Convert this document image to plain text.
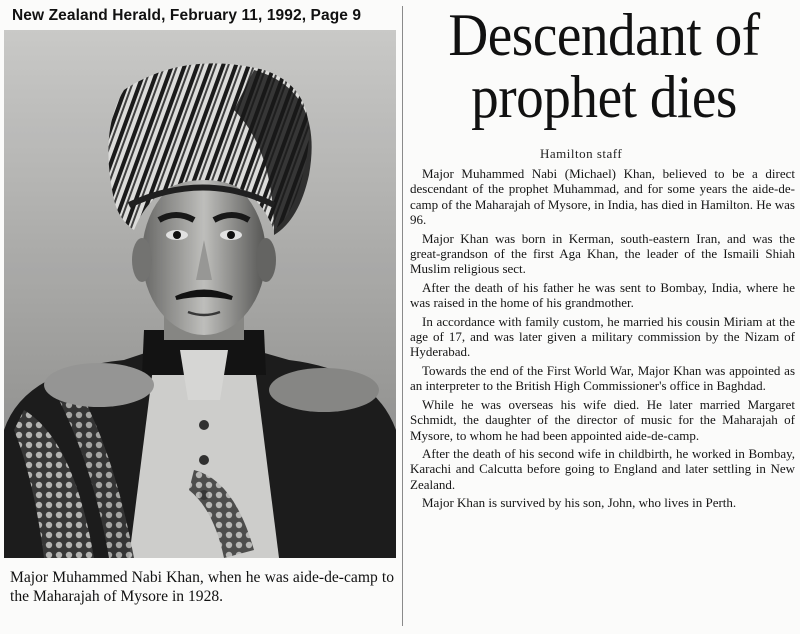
New Zealand Herald, February 11, 1992, Page 9
Major Muhammed Nabi Khan, when he was aide-de-camp to the Maharajah of Mysore in 1928.
Descendant of prophet dies
Hamilton staff

Major Muhammed Nabi (Michael) Khan, believed to be a direct descendant of the prophet Muhammad, and for some years the aide-de-camp of the Maharajah of Mysore, in India, has died in Hamilton. He was 96.

Major Khan was born in Kerman, south-eastern Iran, and was the great-grandson of the first Aga Khan, the leader of the Ismaili Shiah Muslim religious sect.

After the death of his father he was sent to Bombay, India, where he was raised in the home of his grandmother.

In accordance with family custom, he married his cousin Miriam at the age of 17, and was later given a military commission by the Nizam of Hyderabad.

Towards the end of the First World War, Major Khan was appointed as an interpreter to the British High Commissioner's office in Baghdad.

While he was overseas his wife died. He later married Margaret Schmidt, the daughter of the director of music for the Maharajah of Mysore, to whom he had been appointed aide-de-camp.

After the death of his second wife in childbirth, he worked in Bombay, Karachi and Calcutta before going to England and later settling in New Zealand.

Major Khan is survived by his son, John, who lives in Perth.
